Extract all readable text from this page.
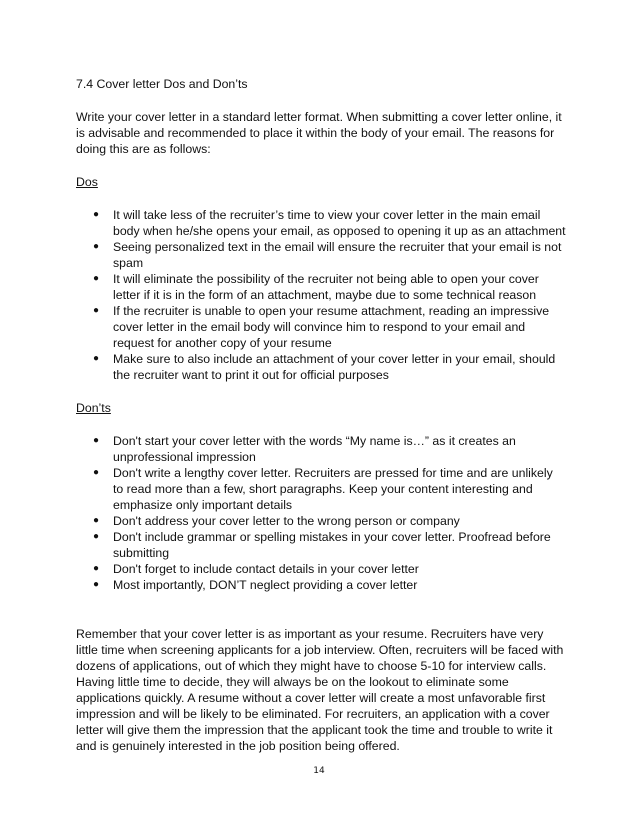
7.4 Cover letter Dos and Don’ts
Write your cover letter in a standard letter format. When submitting a cover letter online, it is advisable and recommended to place it within the body of your email. The reasons for doing this are as follows:
Dos
● It will take less of the recruiter’s time to view your cover letter in the main email body when he/she opens your email, as opposed to opening it up as an attachment
● Seeing personalized text in the email will ensure the recruiter that your email is not spam
● It will eliminate the possibility of the recruiter not being able to open your cover letter if it is in the form of an attachment, maybe due to some technical reason
● If the recruiter is unable to open your resume attachment, reading an impressive cover letter in the email body will convince him to respond to your email and request for another copy of your resume
● Make sure to also include an attachment of your cover letter in your email, should the recruiter want to print it out for official purposes
Don’ts
● Don't start your cover letter with the words “My name is…” as it creates an unprofessional impression
● Don't write a lengthy cover letter. Recruiters are pressed for time and are unlikely to read more than a few, short paragraphs. Keep your content interesting and emphasize only important details
● Don't address your cover letter to the wrong person or company
● Don't include grammar or spelling mistakes in your cover letter. Proofread before submitting
● Don't forget to include contact details in your cover letter
● Most importantly, DON’T neglect providing a cover letter
Remember that your cover letter is as important as your resume. Recruiters have very little time when screening applicants for a job interview. Often, recruiters will be faced with dozens of applications, out of which they might have to choose 5-10 for interview calls. Having little time to decide, they will always be on the lookout to eliminate some applications quickly. A resume without a cover letter will create a most unfavorable first impression and will be likely to be eliminated. For recruiters, an application with a cover letter will give them the impression that the applicant took the time and trouble to write it and is genuinely interested in the job position being offered.
14
